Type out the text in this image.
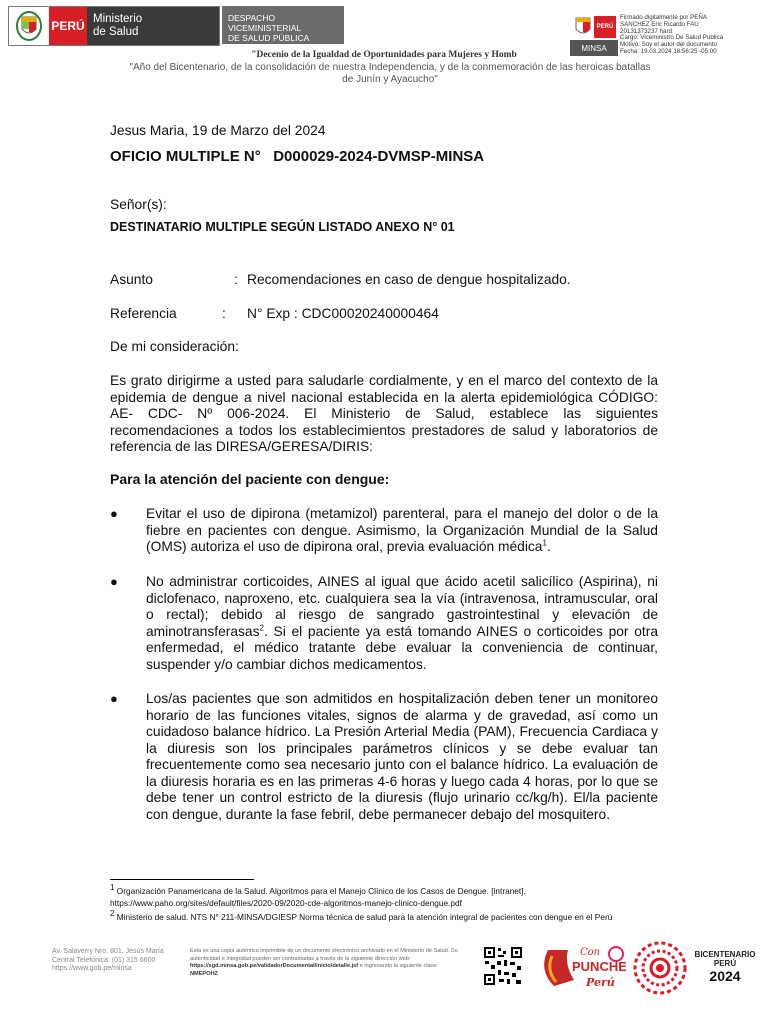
PERÚ Ministerio
de Salud
DESPACHO VICEMINISTERIAL
DE SALUD PÚBLICA
PERÚ
MINSA
Firmado digitalmente por PEÑA
SANCHEZ Eric Ricardo FAU
20131373237 hard
Cargo: Viceministro De Salud Pública
Motivo: Soy el autor del documento
Fecha: 19.03.2024 18:56:25 -05:00
"Decenio de la Igualdad de Oportunidades para Mujeres y Homb
"Año del Bicentenario, de la consolidación de nuestra Independencia, y de la conmemoración de las heroicas batallas
de Junín y Ayacucho"
Jesus Maria, 19 de Marzo del 2024
OFICIO MULTIPLE N°   D000029-2024-DVMSP-MINSA
Señor(s):
DESTINATARIO MULTIPLE SEGÚN LISTADO ANEXO N° 01
Asunto	: Recomendaciones en caso de dengue hospitalizado.
Referencia	: N° Exp : CDC00020240000464
De mi consideración:
Es grato dirigirme a usted para saludarle cordialmente, y en el marco del contexto de la epidemia de dengue a nivel nacional establecida en la alerta epidemiológica CÓDIGO: AE- CDC- Nº 006-2024. El Ministerio de Salud, establece las siguientes recomendaciones a todos los establecimientos prestadores de salud y laboratorios de referencia de las DIRESA/GERESA/DIRIS:
Para la atención del paciente con dengue:
● Evitar el uso de dipirona (metamizol) parenteral, para el manejo del dolor o de la fiebre en pacientes con dengue. Asimismo, la Organización Mundial de la Salud (OMS) autoriza el uso de dipirona oral, previa evaluación médica$^1$.
● No administrar corticoides, AINES al igual que ácido acetil salicílico (Aspirina), ni diclofenaco, naproxeno, etc. cualquiera sea la vía (intravenosa, intramuscular, oral o rectal); debido al riesgo de sangrado gastrointestinal y elevación de aminotransferasas$^2$. Si el paciente ya está tomando AINES o corticoides por otra enfermedad, el médico tratante debe evaluar la conveniencia de continuar, suspender y/o cambiar dichos medicamentos.
● Los/as pacientes que son admitidos en hospitalización deben tener un monitoreo horario de las funciones vitales, signos de alarma y de gravedad, así como un cuidadoso balance hídrico. La Presión Arterial Media (PAM), Frecuencia Cardiaca y la diuresis son los principales parámetros clínicos y se debe evaluar tan frecuentemente como sea necesario junto con el balance hídrico. La evaluación de la diuresis horaria es en las primeras 4-6 horas y luego cada 4 horas, por lo que se debe tener un control estricto de la diuresis (flujo urinario cc/kg/h). El/la paciente con dengue, durante la fase febril, debe permanecer debajo del mosquitero.
$^1$ Organización Panamericana de la Salud. Algoritmos para el Manejo Clínico de los Casos de Dengue. [intranet].
https://www.paho.org/sites/default/files/2020-09/2020-cde-algoritmos-manejo-clinico-dengue.pdf
$^2$ Ministerio de salud. NTS N° 211-MINSA/DGIESP Norma técnica de salud para la atención integral de pacientes con dengue en el Perú
Av. Salaverry Nro. 801, Jesús María
Central Telefónica: (01) 315 6600
https://www.gob.pe/minsa
Esta es una copia auténtica imprimible de un documento electrónico archivado en el Ministerio de Salud. Su autenticidad e integridad pueden ser contrastadas a través de la siguiente dirección web: https://sgd.minsa.gob.pe/validadorDocumental/inicio/detalle.jsf e ingresando la siguiente clave: NMEPOHZ
Con
PUNCHE
Perú
BICENTENARIO
PERÚ
2024
